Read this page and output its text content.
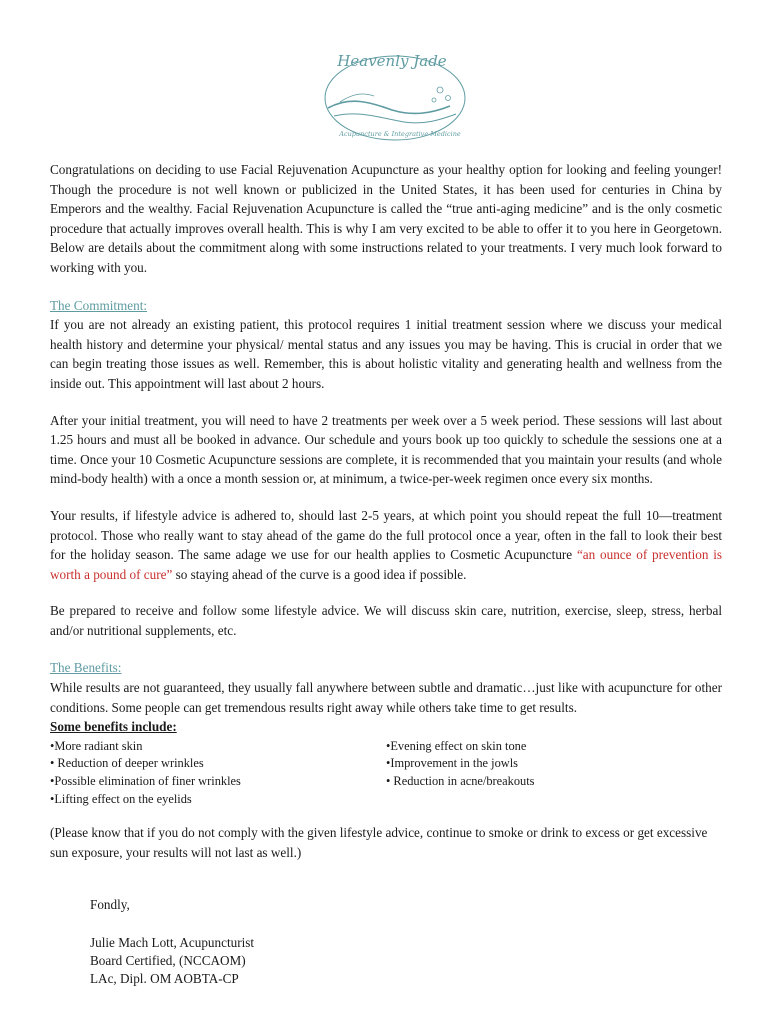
Heavenly Jade
Acupuncture & Integrative Medicine

Congratulations on deciding to use Facial Rejuvenation Acupuncture as your healthy option for looking and feeling younger! Though the procedure is not well known or publicized in the United States, it has been used for centuries in China by Emperors and the wealthy. Facial Rejuvenation Acupuncture is called the “true anti-aging medicine” and is the only cosmetic procedure that actually improves overall health. This is why I am very excited to be able to offer it to you here in Georgetown. Below are details about the commitment along with some instructions related to your treatments. I very much look forward to working with you.

The Commitment:

If you are not already an existing patient, this protocol requires 1 initial treatment session where we discuss your medical health history and determine your physical/ mental status and any issues you may be having. This is crucial in order that we can begin treating those issues as well. Remember, this is about holistic vitality and generating health and wellness from the inside out. This appointment will last about 2 hours.

After your initial treatment, you will need to have 2 treatments per week over a 5 week period. These sessions will last about 1.25 hours and must all be booked in advance. Our schedule and yours book up too quickly to schedule the sessions one at a time. Once your 10 Cosmetic Acupuncture sessions are complete, it is recommended that you maintain your results (and whole mind-body health) with a once a month session or, at minimum, a twice-per-week regimen once every six months.

Your results, if lifestyle advice is adhered to, should last 2-5 years, at which point you should repeat the full 10—treatment protocol. Those who really want to stay ahead of the game do the full protocol once a year, often in the fall to look their best for the holiday season. The same adage we use for our health applies to Cosmetic Acupuncture “an ounce of prevention is worth a pound of cure” so staying ahead of the curve is a good idea if possible.

Be prepared to receive and follow some lifestyle advice. We will discuss skin care, nutrition, exercise, sleep, stress, herbal and/or nutritional supplements, etc.

The Benefits:

While results are not guaranteed, they usually fall anywhere between subtle and dramatic…just like with acupuncture for other conditions. Some people can get tremendous results right away while others take time to get results.

Some benefits include:

•More radiant skin
• Reduction of deeper wrinkles
•Possible elimination of finer wrinkles
•Lifting effect on the eyelids
•Evening effect on skin tone
•Improvement in the jowls
• Reduction in acne/breakouts

(Please know that if you do not comply with the given lifestyle advice, continue to smoke or drink to excess or get excessive sun exposure, your results will not last as well.)

Fondly,
Julie Mach Lott, Acupuncturist
Board Certified, (NCCAOM)
LAc, Dipl. OM AOBTA-CP
